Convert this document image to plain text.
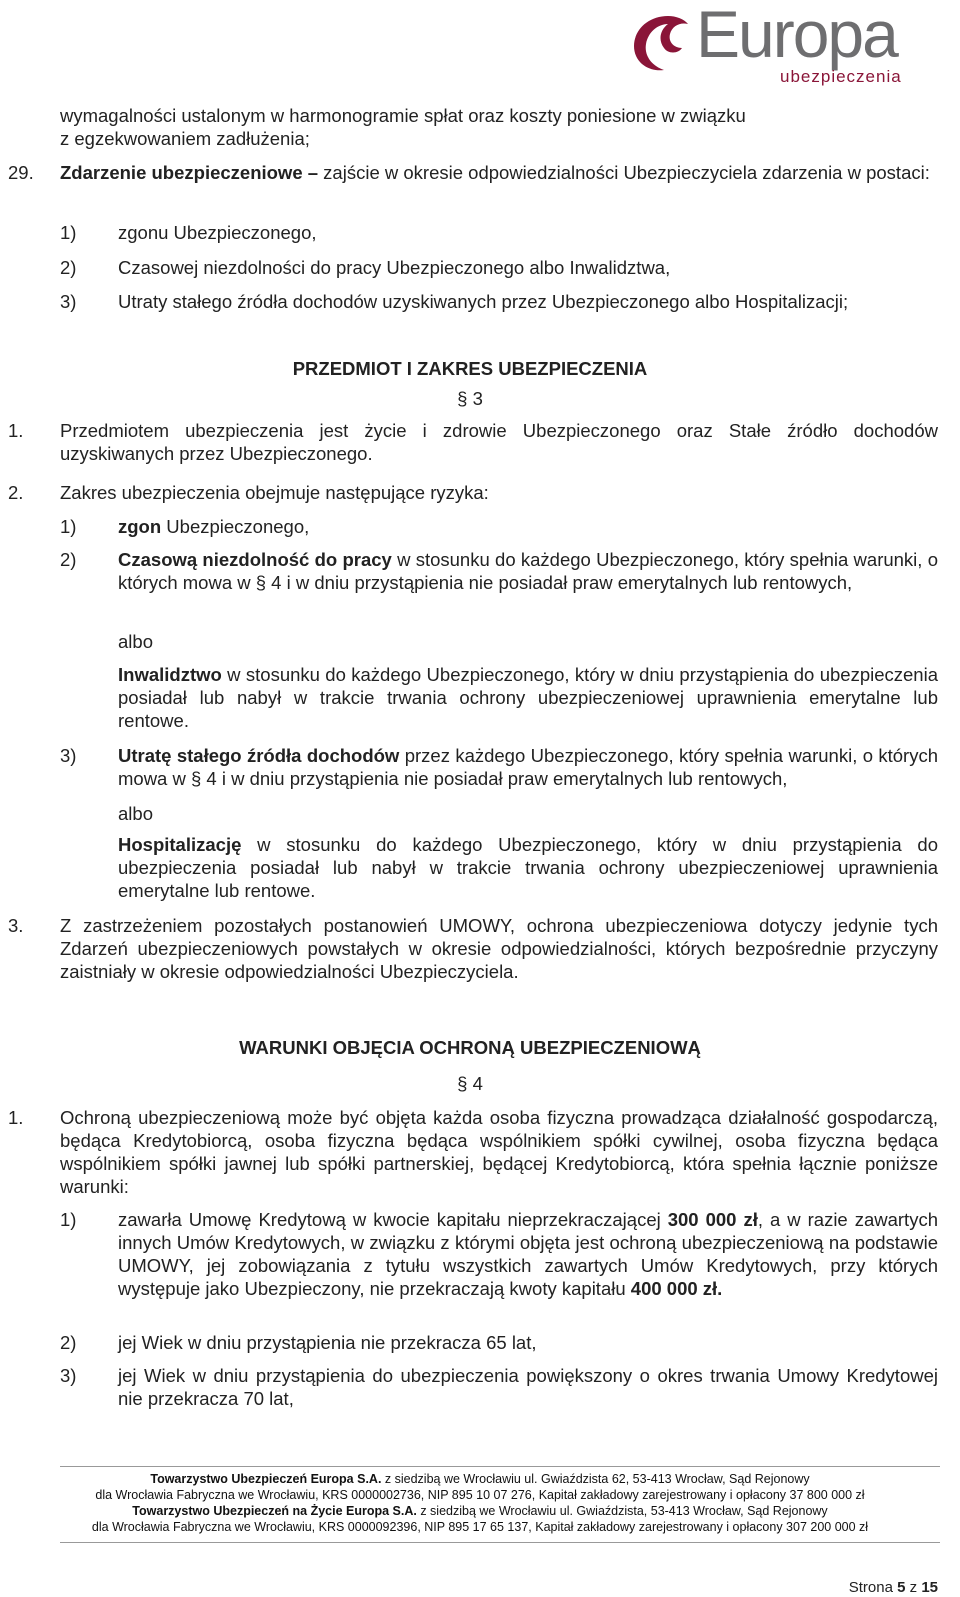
Europa
ubezpieczenia
wymagalności ustalonym w harmonogramie spłat oraz koszty poniesione w związku
z egzekwowaniem zadłużenia;
29. Zdarzenie ubezpieczeniowe – zajście w okresie odpowiedzialności Ubezpieczyciela zdarzenia w postaci:
1) zgonu Ubezpieczonego,
2) Czasowej niezdolności do pracy Ubezpieczonego albo Inwalidztwa,
3) Utraty stałego źródła dochodów uzyskiwanych przez Ubezpieczonego albo Hospitalizacji;
PRZEDMIOT I ZAKRES UBEZPIECZENIA
§ 3
1. Przedmiotem ubezpieczenia jest życie i zdrowie Ubezpieczonego oraz Stałe źródło dochodów uzyskiwanych przez Ubezpieczonego.
2. Zakres ubezpieczenia obejmuje następujące ryzyka:
1) zgon Ubezpieczonego,
2) Czasową niezdolność do pracy w stosunku do każdego Ubezpieczonego, który spełnia warunki, o których mowa w § 4 i w dniu przystąpienia nie posiadał praw emerytalnych lub rentowych,
albo
Inwalidztwo w stosunku do każdego Ubezpieczonego, który w dniu przystąpienia do ubezpieczenia posiadał lub nabył w trakcie trwania ochrony ubezpieczeniowej uprawnienia emerytalne lub rentowe.
3) Utratę stałego źródła dochodów przez każdego Ubezpieczonego, który spełnia warunki, o których mowa w § 4 i w dniu przystąpienia nie posiadał praw emerytalnych lub rentowych,
albo
Hospitalizację w stosunku do każdego Ubezpieczonego, który w dniu przystąpienia do ubezpieczenia posiadał lub nabył w trakcie trwania ochrony ubezpieczeniowej uprawnienia emerytalne lub rentowe.
3. Z zastrzeżeniem pozostałych postanowień UMOWY, ochrona ubezpieczeniowa dotyczy jedynie tych Zdarzeń ubezpieczeniowych powstałych w okresie odpowiedzialności, których bezpośrednie przyczyny zaistniały w okresie odpowiedzialności Ubezpieczyciela.
WARUNKI OBJĘCIA OCHRONĄ UBEZPIECZENIOWĄ
§ 4
1. Ochroną ubezpieczeniową może być objęta każda osoba fizyczna prowadząca działalność gospodarczą, będąca Kredytobiorcą, osoba fizyczna będąca wspólnikiem spółki cywilnej, osoba fizyczna będąca wspólnikiem spółki jawnej lub spółki partnerskiej, będącej Kredytobiorcą, która spełnia łącznie poniższe warunki:
1) zawarła Umowę Kredytową w kwocie kapitału nieprzekraczającej 300 000 zł, a w razie zawartych innych Umów Kredytowych, w związku z którymi objęta jest ochroną ubezpieczeniową na podstawie UMOWY, jej zobowiązania z tytułu wszystkich zawartych Umów Kredytowych, przy których występuje jako Ubezpieczony, nie przekraczają kwoty kapitału 400 000 zł.
2) jej Wiek w dniu przystąpienia nie przekracza 65 lat,
3) jej Wiek w dniu przystąpienia do ubezpieczenia powiększony o okres trwania Umowy Kredytowej nie przekracza 70 lat,
Towarzystwo Ubezpieczeń Europa S.A. z siedzibą we Wrocławiu ul. Gwiaździsta 62, 53-413 Wrocław, Sąd Rejonowy
dla Wrocławia Fabryczna we Wrocławiu, KRS 0000002736, NIP 895 10 07 276, Kapitał zakładowy zarejestrowany i opłacony 37 800 000 zł
Towarzystwo Ubezpieczeń na Życie Europa S.A. z siedzibą we Wrocławiu ul. Gwiaździsta, 53-413 Wrocław, Sąd Rejonowy
dla Wrocławia Fabryczna we Wrocławiu, KRS 0000092396, NIP 895 17 65 137, Kapitał zakładowy zarejestrowany i opłacony 307 200 000 zł
Strona 5 z 15
